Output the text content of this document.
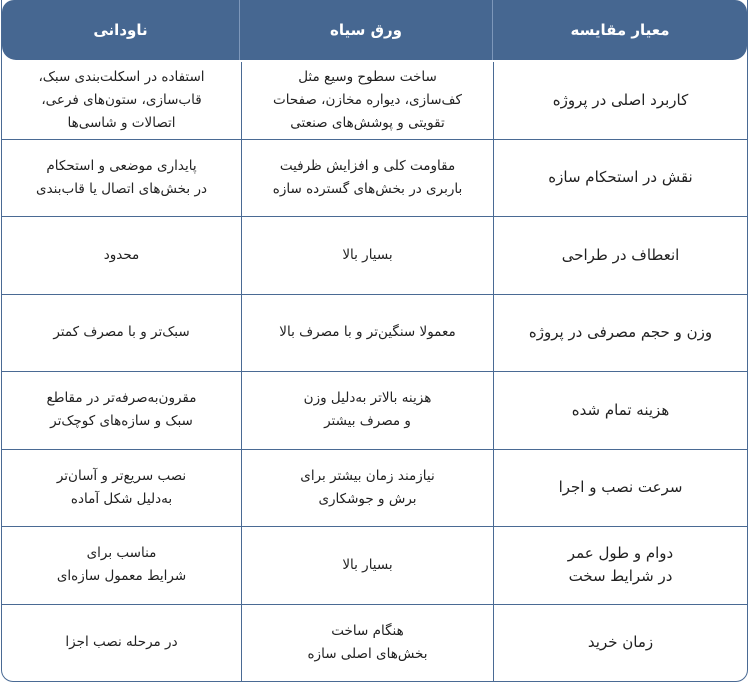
معیار مقایسه
ورق سیاه
ناودانی
کاربرد اصلی در پروژه
ساخت سطوح وسیع مثل
کف‌سازی، دیواره مخازن، صفحات
تقویتی و پوشش‌های صنعتی
استفاده در اسکلت‌بندی سبک،
قاب‌سازی، ستون‌های فرعی،
اتصالات و شاسی‌ها
نقش در استحکام سازه
مقاومت کلی و افزایش ظرفیت
باربری در بخش‌های گسترده سازه
پایداری موضعی و استحکام
در بخش‌های اتصال یا قاب‌بندی
انعطاف در طراحی
بسیار بالا
محدود
وزن و حجم مصرفی در پروژه
معمولا سنگین‌تر و با مصرف بالا
سبک‌تر و با مصرف کمتر
هزینه تمام شده
هزینه بالاتر به‌دلیل وزن
و مصرف بیشتر
مقرون‌به‌صرفه‌تر در مقاطع
سبک و سازه‌های کوچک‌تر
سرعت نصب و اجرا
نیازمند زمان بیشتر برای
برش و جوشکاری
نصب سریع‌تر و آسان‌تر
به‌دلیل شکل آماده
دوام و طول عمر
در شرایط سخت
بسیار بالا
مناسب برای
شرایط معمول سازه‌ای
زمان خرید
هنگام ساخت
بخش‌های اصلی سازه
در مرحله نصب اجزا
